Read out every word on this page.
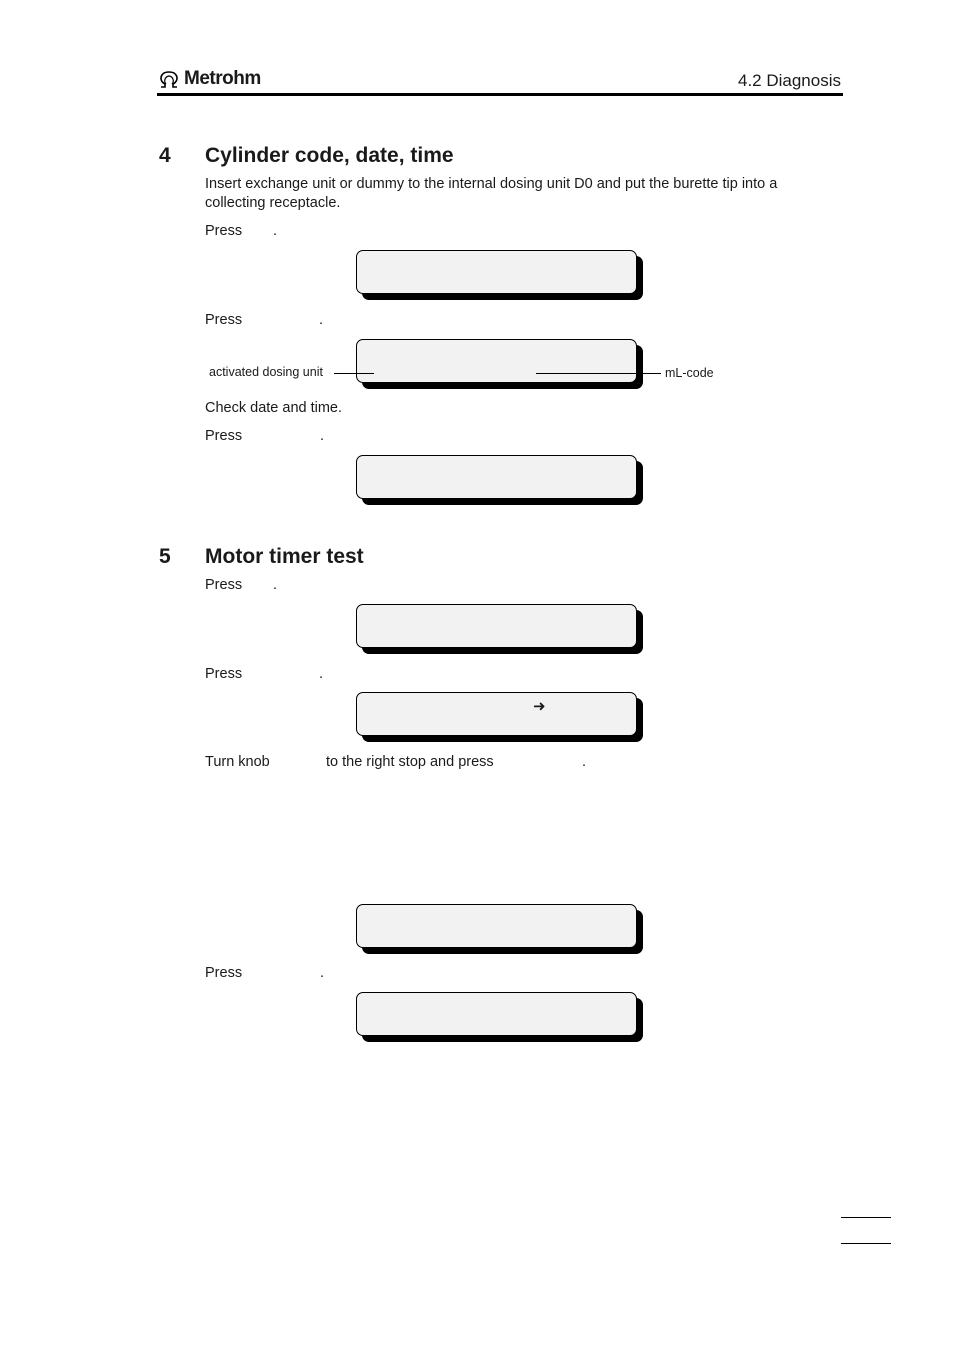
Metrohm	4.2 Diagnosis
4 Cylinder code, date, time
Insert exchange unit or dummy to the internal dosing unit D0 and put the burette tip into a collecting receptacle.
Press .
Press	.
activated dosing unit	mL-code
Check date and time.
Press	.
5 Motor timer test
Press .
Press	.
➜
Turn knob	to the right stop and press	.
Press	.
